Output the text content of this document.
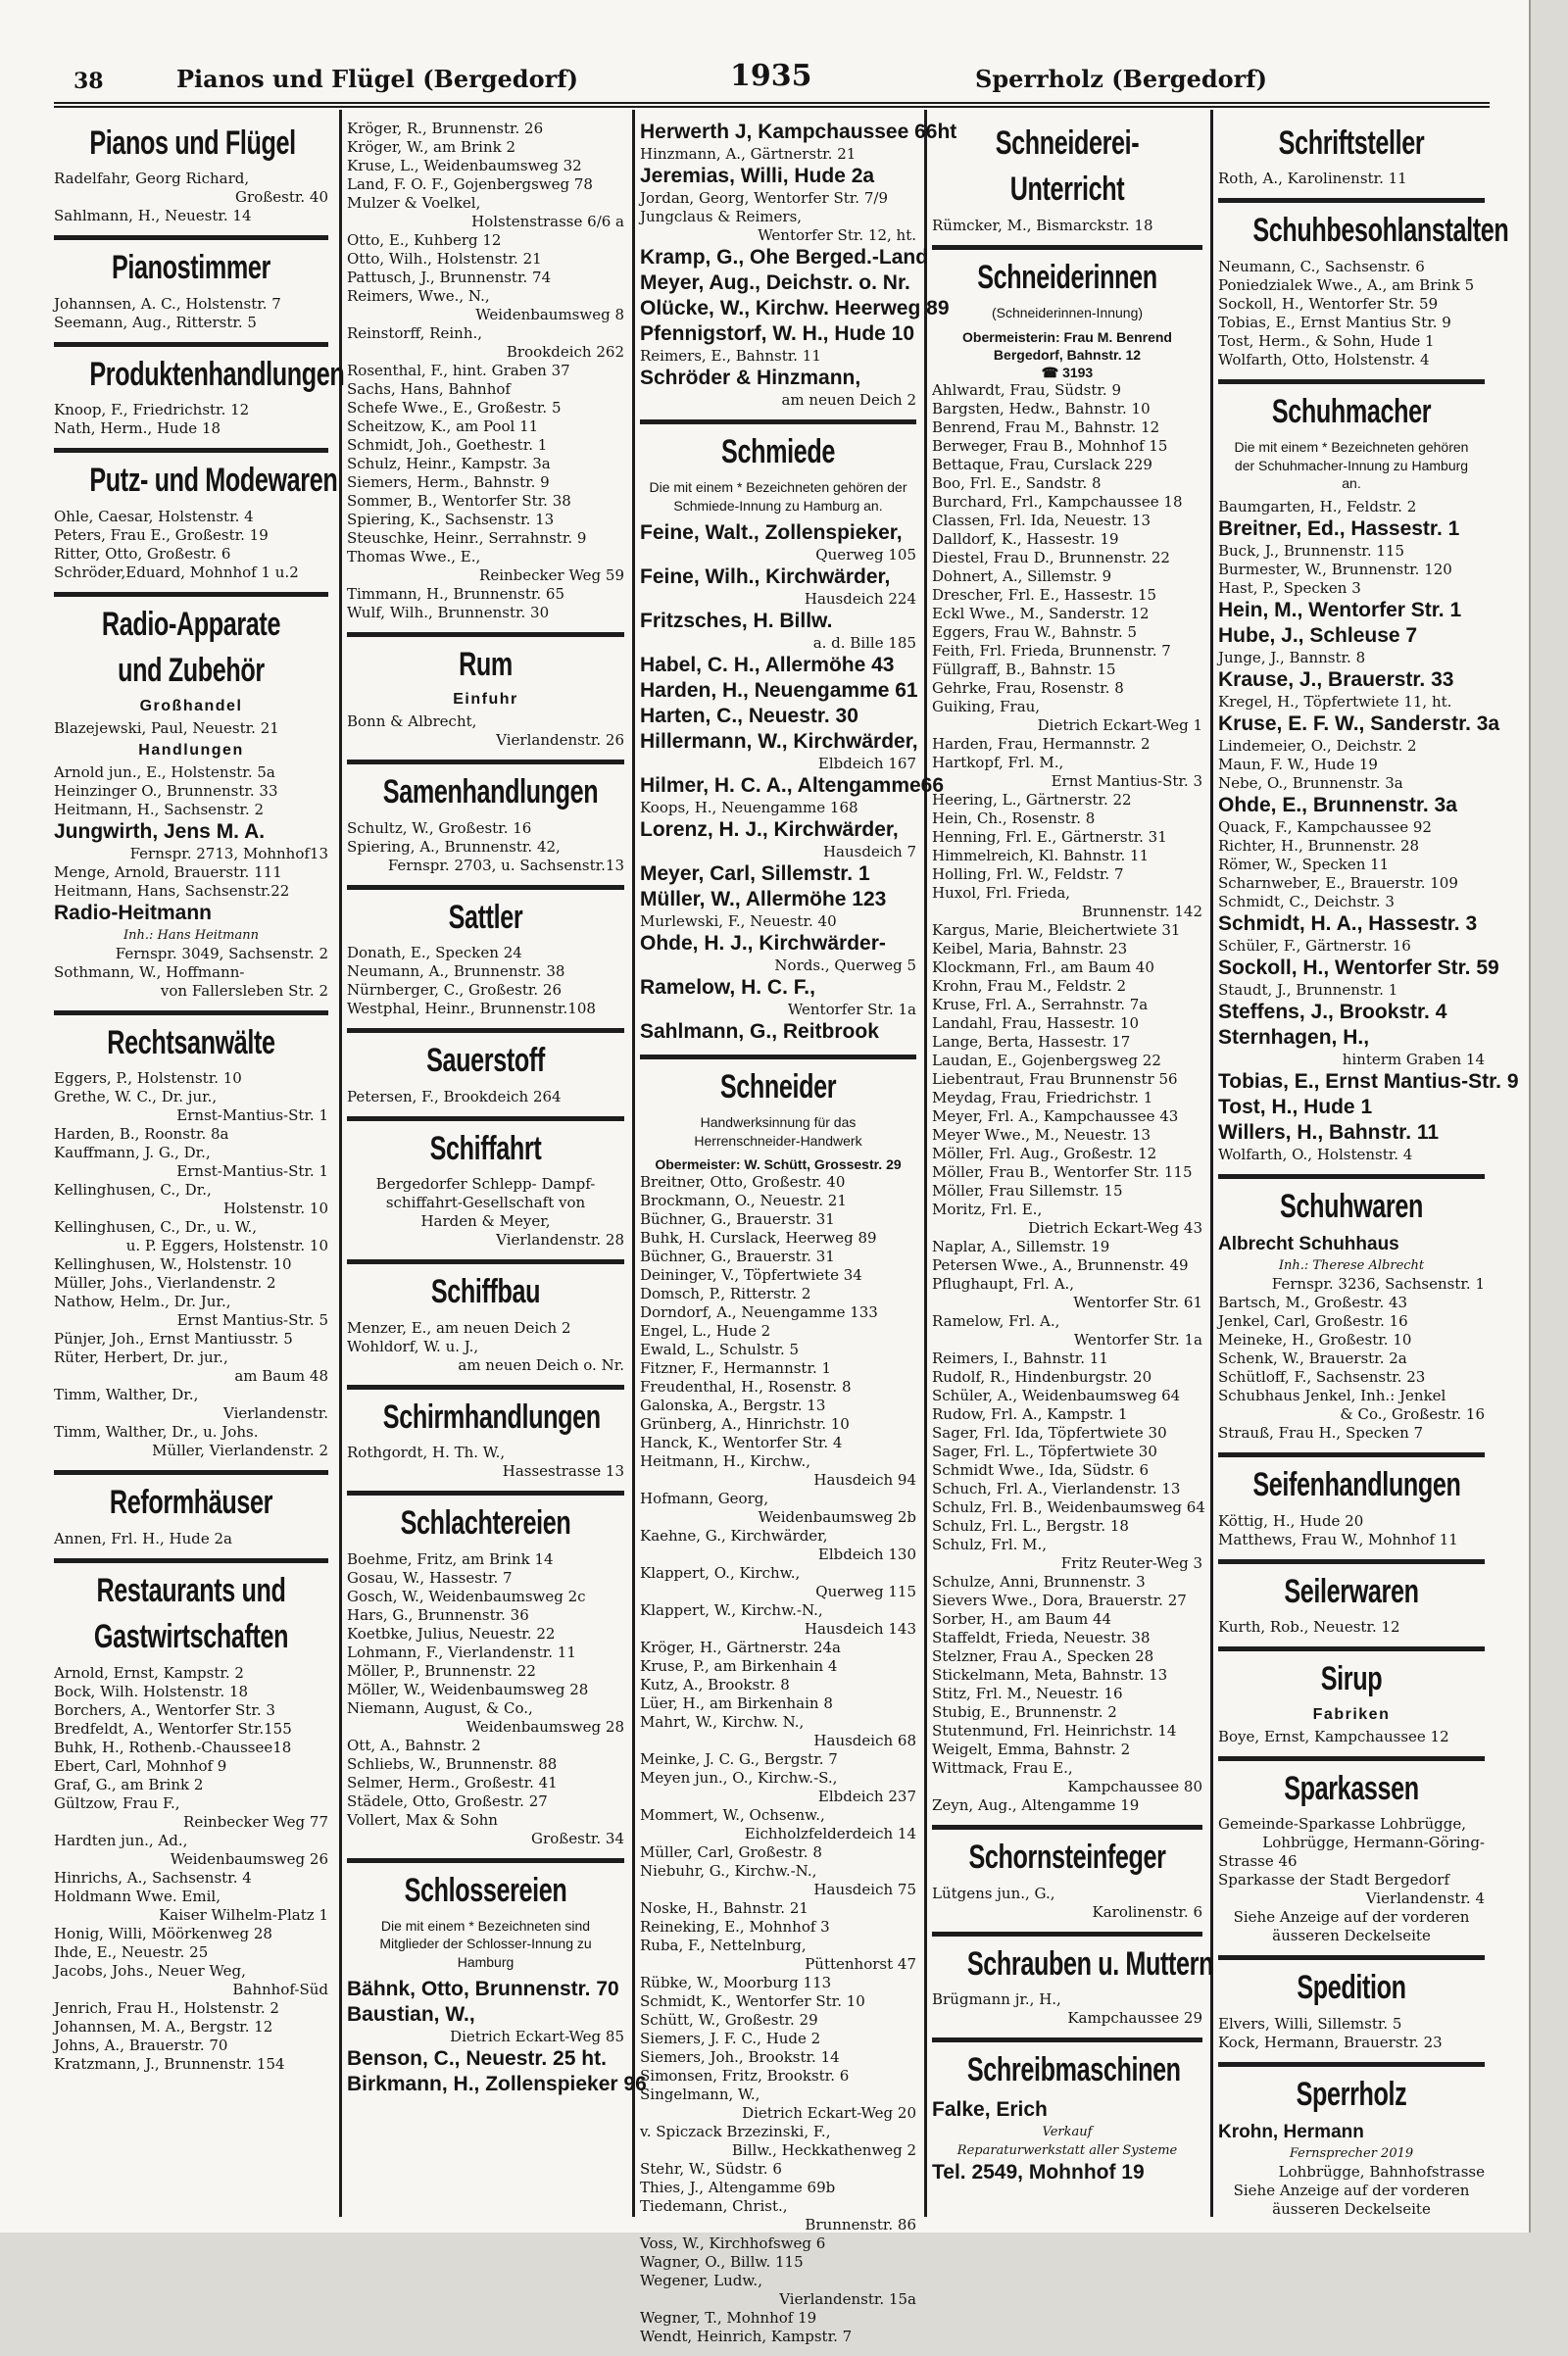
38	Pianos und Flügel (Bergedorf)	1935	Sperrholz (Bergedorf)
Pianos und Flügel
Radelfahr, Georg Richard,
Großestr. 40
Sahlmann, H., Neuestr. 14
Pianostimmer
Johannsen, A. C., Holstenstr. 7
Seemann, Aug., Ritterstr. 5
Produktenhandlungen
Knoop, F., Friedrichstr. 12
Nath, Herm., Hude 18
Putz- und Modewaren
Ohle, Caesar, Holstenstr. 4
Peters, Frau E., Großestr. 19
Ritter, Otto, Großestr. 6
Schröder,Eduard, Mohnhof 1 u.2
Radio-Apparate
und Zubehör
Großhandel
Blazejewski, Paul, Neuestr. 21
Handlungen
Arnold jun., E., Holstenstr. 5a
Heinzinger O., Brunnenstr. 33
Heitmann, H., Sachsenstr. 2
Jungwirth, Jens M. A.
Fernspr. 2713, Mohnhof13
Menge, Arnold, Brauerstr. 111
Heitmann, Hans, Sachsenstr.22
Radio-Heitmann
Inh.: Hans Heitmann
Fernspr. 3049, Sachsenstr. 2
Sothmann, W., Hoffmann-
von Fallersleben Str. 2
Rechtsanwälte
Eggers, P., Holstenstr. 10
Grethe, W. C., Dr. jur.,
Ernst-Mantius-Str. 1
Harden, B., Roonstr. 8a
Kauffmann, J. G., Dr.,
Ernst-Mantius-Str. 1
Kellinghusen, C., Dr.,
Holstenstr. 10
Kellinghusen, C., Dr., u. W.,
u. P. Eggers, Holstenstr. 10
Kellinghusen, W., Holstenstr. 10
Müller, Johs., Vierlandenstr. 2
Nathow, Helm., Dr. Jur.,
Ernst Mantius-Str. 5
Pünjer, Joh., Ernst Mantiusstr. 5
Rüter, Herbert, Dr. jur.,
am Baum 48
Timm, Walther, Dr.,
Vierlandenstr.
Timm, Walther, Dr., u. Johs.
Müller, Vierlandenstr. 2
Reformhäuser
Annen, Frl. H., Hude 2a
Restaurants und
Gastwirtschaften
Arnold, Ernst, Kampstr. 2
Bock, Wilh. Holstenstr. 18
Borchers, A., Wentorfer Str. 3
Bredfeldt, A., Wentorfer Str.155
Buhk, H., Rothenb.-Chaussee18
Ebert, Carl, Mohnhof 9
Graf, G., am Brink 2
Gültzow, Frau F.,
Reinbecker Weg 77
Hardten jun., Ad.,
Weidenbaumsweg 26
Hinrichs, A., Sachsenstr. 4
Holdmann Wwe. Emil,
Kaiser Wilhelm-Platz 1
Honig, Willi, Möörkenweg 28
Ihde, E., Neuestr. 25
Jacobs, Johs., Neuer Weg,
Bahnhof-Süd
Jenrich, Frau H., Holstenstr. 2
Johannsen, M. A., Bergstr. 12
Johns, A., Brauerstr. 70
Kratzmann, J., Brunnenstr. 154
Kröger, R., Brunnenstr. 26
Kröger, W., am Brink 2
Kruse, L., Weidenbaumsweg 32
Land, F. O. F., Gojenbergsweg 78
Mulzer & Voelkel,
Holstenstrasse 6/6 a
Otto, E., Kuhberg 12
Otto, Wilh., Holstenstr. 21
Pattusch, J., Brunnenstr. 74
Reimers, Wwe., N.,
Weidenbaumsweg 8
Reinstorff, Reinh.,
Brookdeich 262
Rosenthal, F., hint. Graben 37
Sachs, Hans, Bahnhof
Schefe Wwe., E., Großestr. 5
Scheitzow, K., am Pool 11
Schmidt, Joh., Goethestr. 1
Schulz, Heinr., Kampstr. 3a
Siemers, Herm., Bahnstr. 9
Sommer, B., Wentorfer Str. 38
Spiering, K., Sachsenstr. 13
Steuschke, Heinr., Serrahnstr. 9
Thomas Wwe., E.,
Reinbecker Weg 59
Timmann, H., Brunnenstr. 65
Wulf, Wilh., Brunnenstr. 30
Rum
Einfuhr
Bonn & Albrecht,
Vierlandenstr. 26
Samenhandlungen
Schultz, W., Großestr. 16
Spiering, A., Brunnenstr. 42,
Fernspr. 2703, u. Sachsenstr.13
Sattler
Donath, E., Specken 24
Neumann, A., Brunnenstr. 38
Nürnberger, C., Großestr. 26
Westphal, Heinr., Brunnenstr.108
Sauerstoff
Petersen, F., Brookdeich 264
Schiffahrt
Bergedorfer Schlepp- Dampf-
schiffahrt-Gesellschaft von
Harden & Meyer,
Vierlandenstr. 28
Schiffbau
Menzer, E., am neuen Deich 2
Wohldorf, W. u. J.,
am neuen Deich o. Nr.
Schirmhandlungen
Rothgordt, H. Th. W.,
Hassestrasse 13
Schlachtereien
Boehme, Fritz, am Brink 14
Gosau, W., Hassestr. 7
Gosch, W., Weidenbaumsweg 2c
Hars, G., Brunnenstr. 36
Koetbke, Julius, Neuestr. 22
Lohmann, F., Vierlandenstr. 11
Möller, P., Brunnenstr. 22
Möller, W., Weidenbaumsweg 28
Niemann, August, & Co.,
Weidenbaumsweg 28
Ott, A., Bahnstr. 2
Schliebs, W., Brunnenstr. 88
Selmer, Herm., Großestr. 41
Städele, Otto, Großestr. 27
Vollert, Max & Sohn
Großestr. 34
Schlossereien
Die mit einem * Bezeichneten sind Mitglieder der Schlosser-Innung zu Hamburg
Bähnk, Otto, Brunnenstr. 70
Baustian, W.,
Dietrich Eckart-Weg 85
Benson, C., Neuestr. 25 ht.
Birkmann, H., Zollenspieker 96
Herwerth J, Kampchaussee 66ht
Hinzmann, A., Gärtnerstr. 21
Jeremias, Willi, Hude 2a
Jordan, Georg, Wentorfer Str. 7/9
Jungclaus & Reimers,
Wentorfer Str. 12, ht.
Kramp, G., Ohe Berged.-Land
Meyer, Aug., Deichstr. o. Nr.
Olücke, W., Kirchw. Heerweg 89
Pfennigstorf, W. H., Hude 10
Reimers, E., Bahnstr. 11
Schröder & Hinzmann,
am neuen Deich 2
Schmiede
Die mit einem * Bezeichneten gehören der Schmiede-Innung zu Hamburg an.
Feine, Walt., Zollenspieker,
Querweg 105
Feine, Wilh., Kirchwärder,
Hausdeich 224
Fritzsches, H. Billw.
a. d. Bille 185
Habel, C. H., Allermöhe 43
Harden, H., Neuengamme 61
Harten, C., Neuestr. 30
Hillermann, W., Kirchwärder,
Elbdeich 167
Hilmer, H. C. A., Altengamme66
Koops, H., Neuengamme 168
Lorenz, H. J., Kirchwärder,
Hausdeich 7
Meyer, Carl, Sillemstr. 1
Müller, W., Allermöhe 123
Murlewski, F., Neuestr. 40
Ohde, H. J., Kirchwärder-
Nords., Querweg 5
Ramelow, H. C. F.,
Wentorfer Str. 1a
Sahlmann, G., Reitbrook
Schneider
Handwerksinnung für das Herrenschneider-Handwerk
Obermeister: W. Schütt, Grossestr. 29
Breitner, Otto, Großestr. 40
Brockmann, O., Neuestr. 21
Büchner, G., Brauerstr. 31
Buhk, H. Curslack, Heerweg 89
Büchner, G., Brauerstr. 31
Deininger, V., Töpfertwiete 34
Domsch, P., Ritterstr. 2
Dorndorf, A., Neuengamme 133
Engel, L., Hude 2
Ewald, L., Schulstr. 5
Fitzner, F., Hermannstr. 1
Freudenthal, H., Rosenstr. 8
Galonska, A., Bergstr. 13
Grünberg, A., Hinrichstr. 10
Hanck, K., Wentorfer Str. 4
Heitmann, H., Kirchw.,
Hausdeich 94
Hofmann, Georg,
Weidenbaumsweg 2b
Kaehne, G., Kirchwärder,
Elbdeich 130
Klappert, O., Kirchw.,
Querweg 115
Klappert, W., Kirchw.-N.,
Hausdeich 143
Kröger, H., Gärtnerstr. 24a
Kruse, P., am Birkenhain 4
Kutz, A., Brookstr. 8
Lüer, H., am Birkenhain 8
Mahrt, W., Kirchw. N.,
Hausdeich 68
Meinke, J. C. G., Bergstr. 7
Meyen jun., O., Kirchw.-S.,
Elbdeich 237
Mommert, W., Ochsenw.,
Eichholzfelderdeich 14
Müller, Carl, Großestr. 8
Niebuhr, G., Kirchw.-N.,
Hausdeich 75
Noske, H., Bahnstr. 21
Reineking, E., Mohnhof 3
Ruba, F., Nettelnburg,
Püttenhorst 47
Rübke, W., Moorburg 113
Schmidt, K., Wentorfer Str. 10
Schütt, W., Großestr. 29
Siemers, J. F. C., Hude 2
Siemers, Joh., Brookstr. 14
Simonsen, Fritz, Brookstr. 6
Singelmann, W.,
Dietrich Eckart-Weg 20
v. Spiczack Brzezinski, F.,
Billw., Heckkathenweg 2
Stehr, W., Südstr. 6
Thies, J., Altengamme 69b
Tiedemann, Christ.,
Brunnenstr. 86
Voss, W., Kirchhofsweg 6
Wagner, O., Billw. 115
Wegener, Ludw.,
Vierlandenstr. 15a
Wegner, T., Mohnhof 19
Wendt, Heinrich, Kampstr. 7
Schneiderei-
Unterricht
Rümcker, M., Bismarckstr. 18
Schneiderinnen
(Schneiderinnen-Innung)
Obermeisterin: Frau M. Benrend Bergedorf, Bahnstr. 12
☎ 3193
Ahlwardt, Frau, Südstr. 9
Bargsten, Hedw., Bahnstr. 10
Benrend, Frau M., Bahnstr. 12
Berweger, Frau B., Mohnhof 15
Bettaque, Frau, Curslack 229
Boo, Frl. E., Sandstr. 8
Burchard, Frl., Kampchaussee 18
Classen, Frl. Ida, Neuestr. 13
Dalldorf, K., Hassestr. 19
Diestel, Frau D., Brunnenstr. 22
Dohnert, A., Sillemstr. 9
Drescher, Frl. E., Hassestr. 15
Eckl Wwe., M., Sanderstr. 12
Eggers, Frau W., Bahnstr. 5
Feith, Frl. Frieda, Brunnenstr. 7
Füllgraff, B., Bahnstr. 15
Gehrke, Frau, Rosenstr. 8
Guiking, Frau,
Dietrich Eckart-Weg 1
Harden, Frau, Hermannstr. 2
Hartkopf, Frl. M.,
Ernst Mantius-Str. 3
Heering, L., Gärtnerstr. 22
Hein, Ch., Rosenstr. 8
Henning, Frl. E., Gärtnerstr. 31
Himmelreich, Kl. Bahnstr. 11
Holling, Frl. W., Feldstr. 7
Huxol, Frl. Frieda,
Brunnenstr. 142
Kargus, Marie, Bleichertwiete 31
Keibel, Maria, Bahnstr. 23
Klockmann, Frl., am Baum 40
Krohn, Frau M., Feldstr. 2
Kruse, Frl. A., Serrahnstr. 7a
Landahl, Frau, Hassestr. 10
Lange, Berta, Hassestr. 17
Laudan, E., Gojenbergsweg 22
Liebentraut, Frau Brunnenstr 56
Meydag, Frau, Friedrichstr. 1
Meyer, Frl. A., Kampchaussee 43
Meyer Wwe., M., Neuestr. 13
Möller, Frl. Aug., Großestr. 12
Möller, Frau B., Wentorfer Str. 115
Möller, Frau Sillemstr. 15
Moritz, Frl. E.,
Dietrich Eckart-Weg 43
Naplar, A., Sillemstr. 19
Petersen Wwe., A., Brunnenstr. 49
Pflughaupt, Frl. A.,
Wentorfer Str. 61
Ramelow, Frl. A.,
Wentorfer Str. 1a
Reimers, I., Bahnstr. 11
Rudolf, R., Hindenburgstr. 20
Schüler, A., Weidenbaumsweg 64
Rudow, Frl. A., Kampstr. 1
Sager, Frl. Ida, Töpfertwiete 30
Sager, Frl. L., Töpfertwiete 30
Schmidt Wwe., Ida, Südstr. 6
Schuch, Frl. A., Vierlandenstr. 13
Schulz, Frl. B., Weidenbaumsweg 64
Schulz, Frl. L., Bergstr. 18
Schulz, Frl. M.,
Fritz Reuter-Weg 3
Schulze, Anni, Brunnenstr. 3
Sievers Wwe., Dora, Brauerstr. 27
Sorber, H., am Baum 44
Staffeldt, Frieda, Neuestr. 38
Stelzner, Frau A., Specken 28
Stickelmann, Meta, Bahnstr. 13
Stitz, Frl. M., Neuestr. 16
Stubig, E., Brunnenstr. 2
Stutenmund, Frl. Heinrichstr. 14
Weigelt, Emma, Bahnstr. 2
Wittmack, Frau E.,
Kampchaussee 80
Zeyn, Aug., Altengamme 19
Schornsteinfeger
Lütgens jun., G.,
Karolinenstr. 6
Schrauben u. Muttern
Brügmann jr., H.,
Kampchaussee 29
Schreibmaschinen
Falke, Erich
Verkauf
Reparaturwerkstatt aller Systeme
Tel. 2549, Mohnhof 19
Schriftsteller
Roth, A., Karolinenstr. 11
Schuhbesohlanstalten
Neumann, C., Sachsenstr. 6
Poniedzialek Wwe., A., am Brink 5
Sockoll, H., Wentorfer Str. 59
Tobias, E., Ernst Mantius Str. 9
Tost, Herm., & Sohn, Hude 1
Wolfarth, Otto, Holstenstr. 4
Schuhmacher
Die mit einem * Bezeichneten gehören der Schuhmacher-Innung zu Hamburg an.
Baumgarten, H., Feldstr. 2
Breitner, Ed., Hassestr. 1
Buck, J., Brunnenstr. 115
Burmester, W., Brunnenstr. 120
Hast, P., Specken 3
Hein, M., Wentorfer Str. 1
Hube, J., Schleuse 7
Junge, J., Bannstr. 8
Krause, J., Brauerstr. 33
Kregel, H., Töpfertwiete 11, ht.
Kruse, E. F. W., Sanderstr. 3a
Lindemeier, O., Deichstr. 2
Maun, F. W., Hude 19
Nebe, O., Brunnenstr. 3a
Ohde, E., Brunnenstr. 3a
Quack, F., Kampchaussee 92
Richter, H., Brunnenstr. 28
Römer, W., Specken 11
Scharnweber, E., Brauerstr. 109
Schmidt, C., Deichstr. 3
Schmidt, H. A., Hassestr. 3
Schüler, F., Gärtnerstr. 16
Sockoll, H., Wentorfer Str. 59
Staudt, J., Brunnenstr. 1
Steffens, J., Brookstr. 4
Sternhagen, H.,
hinterm Graben 14
Tobias, E., Ernst Mantius-Str. 9
Tost, H., Hude 1
Willers, H., Bahnstr. 11
Wolfarth, O., Holstenstr. 4
Schuhwaren
Albrecht Schuhhaus
Inh.: Therese Albrecht
Fernspr. 3236, Sachsenstr. 1
Bartsch, M., Großestr. 43
Jenkel, Carl, Großestr. 16
Meineke, H., Großestr. 10
Schenk, W., Brauerstr. 2a
Schütloff, F., Sachsenstr. 23
Schubhaus Jenkel, Inh.: Jenkel
& Co., Großestr. 16
Strauß, Frau H., Specken 7
Seifenhandlungen
Köttig, H., Hude 20
Matthews, Frau W., Mohnhof 11
Seilerwaren
Kurth, Rob., Neuestr. 12
Sirup
Fabriken
Boye, Ernst, Kampchaussee 12
Sparkassen
Gemeinde-Sparkasse Lohbrügge,
Lohbrügge, Hermann-Göring-
Strasse 46
Sparkasse der Stadt Bergedorf
Vierlandenstr. 4
Siehe Anzeige auf der vorderen
äusseren Deckelseite
Spedition
Elvers, Willi, Sillemstr. 5
Kock, Hermann, Brauerstr. 23
Sperrholz
Krohn, Hermann
Fernsprecher 2019
Lohbrügge, Bahnhofstrasse
Siehe Anzeige auf der vorderen
äusseren Deckelseite
